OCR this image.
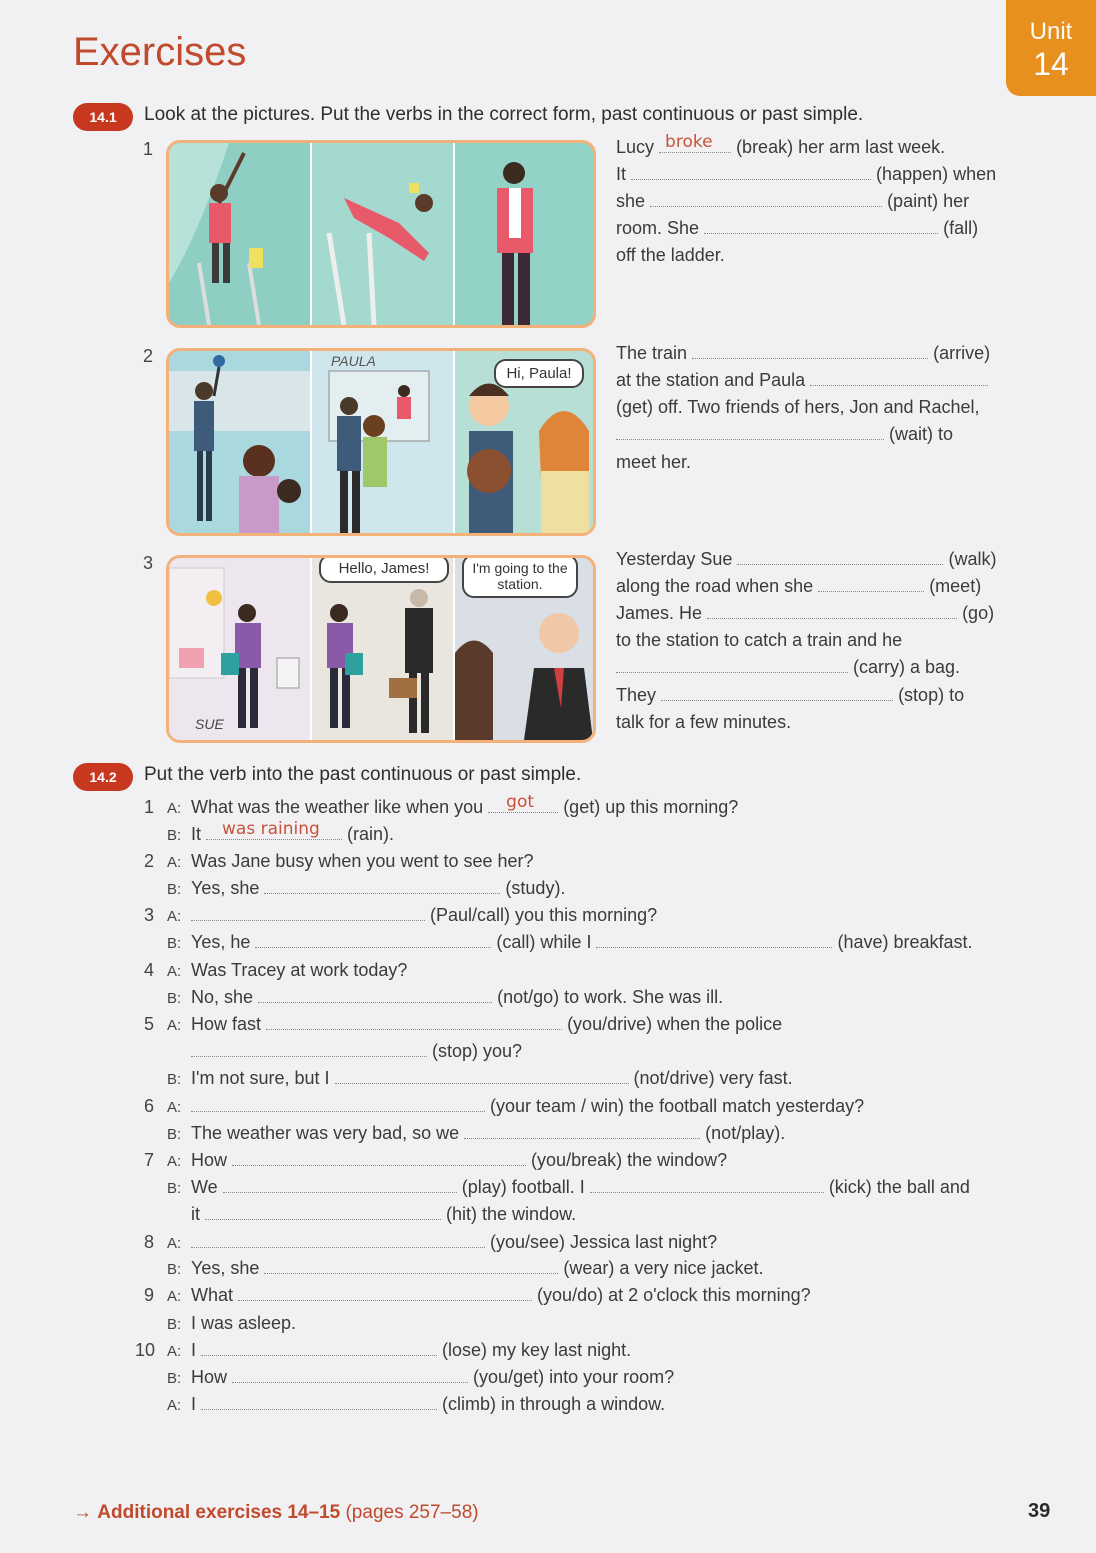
Exercises	Unit
14
14.1	Look at the pictures. Put the verbs in the correct form, past continuous or past simple.
1
2
3
PAULA
Hi, Paula!
Hello, James!	I'm going to the station.
SUE
Lucy broke (break) her arm last week.
It	(happen) when
she	(paint) her
room. She	(fall)
off the ladder.
The train	(arrive)
at the station and Paula
(get) off. Two friends of hers, Jon and Rachel,
(wait) to
meet her.
Yesterday Sue	(walk)
along the road when she	(meet)
James. He	(go)
to the station to catch a train and he
(carry) a bag.
They	(stop) to
talk for a few minutes.
14.2	Put the verb into the past continuous or past simple.
1 A: What was the weather like when you got (get) up this morning?
B: It was raining (rain).
2 A: Was Jane busy when you went to see her?
B: Yes, she	(study).
3 A:	(Paul/call) you this morning?
B: Yes, he	(call) while I	(have) breakfast.
4 A: Was Tracey at work today?
B: No, she	(not/go) to work. She was ill.
5 A: How fast	(you/drive) when the police
(stop) you?
B: I'm not sure, but I	(not/drive) very fast.
6 A:	(your team / win) the football match yesterday?
B: The weather was very bad, so we	(not/play).
7 A: How	(you/break) the window?
B: We	(play) football. I	(kick) the ball and
it	(hit) the window.
8 A:	(you/see) Jessica last night?
B: Yes, she	(wear) a very nice jacket.
9 A: What	(you/do) at 2 o'clock this morning?
B: I was asleep.
10 A: I	(lose) my key last night.
B: How	(you/get) into your room?
A: I	(climb) in through a window.
→ Additional exercises 14–15 (pages 257–58)	39
